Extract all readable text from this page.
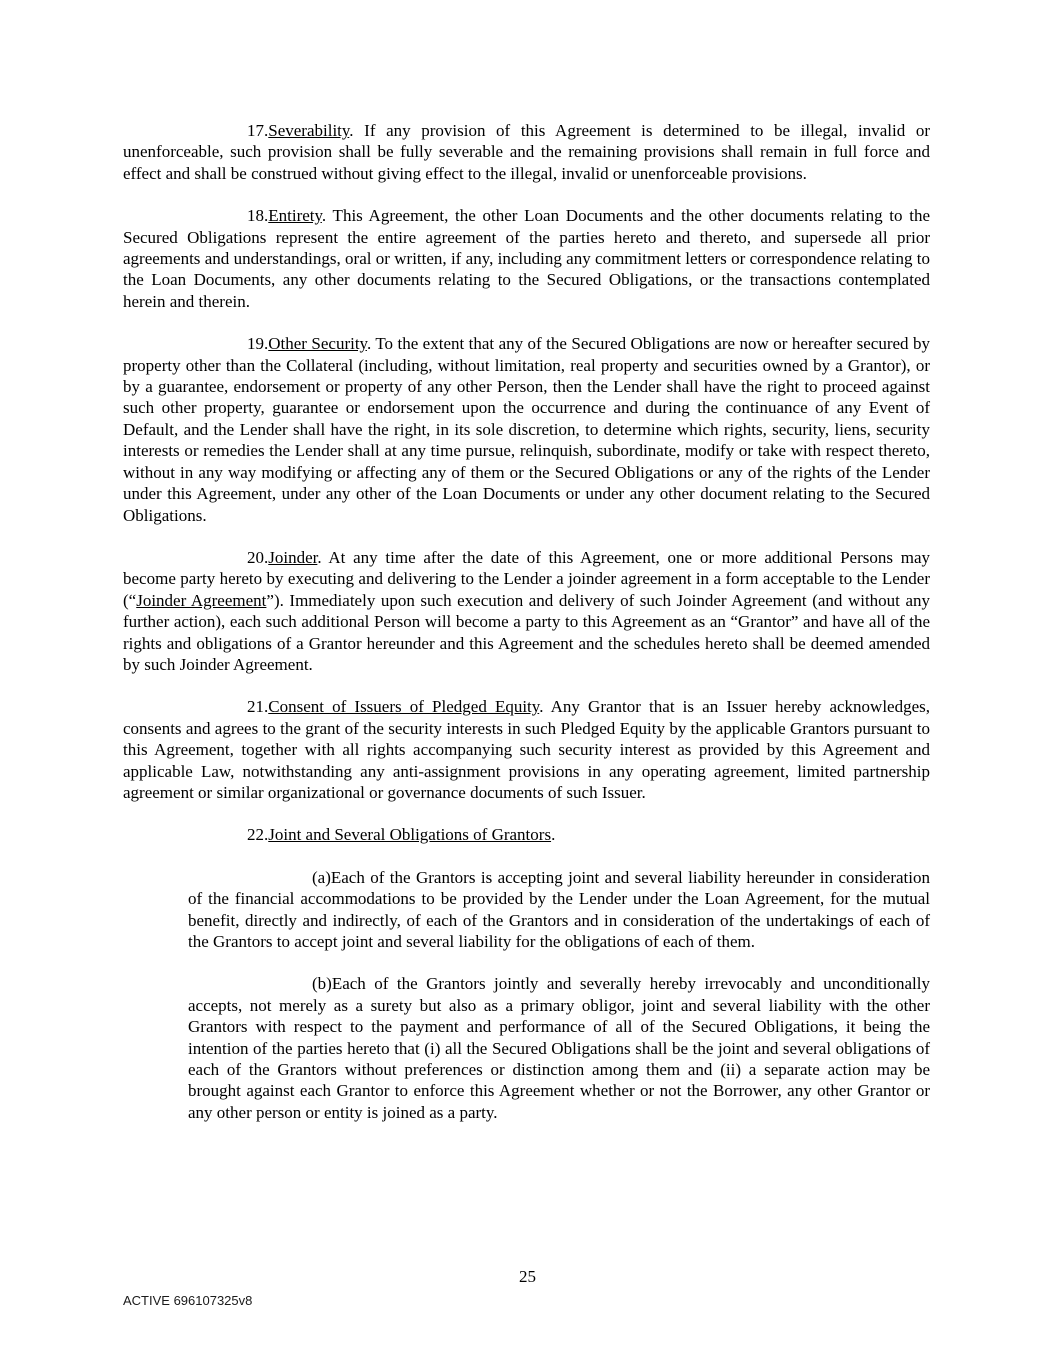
17.Severability. If any provision of this Agreement is determined to be illegal, invalid or unenforceable, such provision shall be fully severable and the remaining provisions shall remain in full force and effect and shall be construed without giving effect to the illegal, invalid or unenforceable provisions.

18.Entirety. This Agreement, the other Loan Documents and the other documents relating to the Secured Obligations represent the entire agreement of the parties hereto and thereto, and supersede all prior agreements and understandings, oral or written, if any, including any commitment letters or correspondence relating to the Loan Documents, any other documents relating to the Secured Obligations, or the transactions contemplated herein and therein.

19.Other Security. To the extent that any of the Secured Obligations are now or hereafter secured by property other than the Collateral (including, without limitation, real property and securities owned by a Grantor), or by a guarantee, endorsement or property of any other Person, then the Lender shall have the right to proceed against such other property, guarantee or endorsement upon the occurrence and during the continuance of any Event of Default, and the Lender shall have the right, in its sole discretion, to determine which rights, security, liens, security interests or remedies the Lender shall at any time pursue, relinquish, subordinate, modify or take with respect thereto, without in any way modifying or affecting any of them or the Secured Obligations or any of the rights of the Lender under this Agreement, under any other of the Loan Documents or under any other document relating to the Secured Obligations.

20.Joinder. At any time after the date of this Agreement, one or more additional Persons may become party hereto by executing and delivering to the Lender a joinder agreement in a form acceptable to the Lender (“Joinder Agreement”). Immediately upon such execution and delivery of such Joinder Agreement (and without any further action), each such additional Person will become a party to this Agreement as an “Grantor” and have all of the rights and obligations of a Grantor hereunder and this Agreement and the schedules hereto shall be deemed amended by such Joinder Agreement.

21.Consent of Issuers of Pledged Equity. Any Grantor that is an Issuer hereby acknowledges, consents and agrees to the grant of the security interests in such Pledged Equity by the applicable Grantors pursuant to this Agreement, together with all rights accompanying such security interest as provided by this Agreement and applicable Law, notwithstanding any anti-assignment provisions in any operating agreement, limited partnership agreement or similar organizational or governance documents of such Issuer.

22.Joint and Several Obligations of Grantors.

(a)Each of the Grantors is accepting joint and several liability hereunder in consideration of the financial accommodations to be provided by the Lender under the Loan Agreement, for the mutual benefit, directly and indirectly, of each of the Grantors and in consideration of the undertakings of each of the Grantors to accept joint and several liability for the obligations of each of them.

(b)Each of the Grantors jointly and severally hereby irrevocably and unconditionally accepts, not merely as a surety but also as a primary obligor, joint and several liability with the other Grantors with respect to the payment and performance of all of the Secured Obligations, it being the intention of the parties hereto that (i) all the Secured Obligations shall be the joint and several obligations of each of the Grantors without preferences or distinction among them and (ii) a separate action may be brought against each Grantor to enforce this Agreement whether or not the Borrower, any other Grantor or any other person or entity is joined as a party.

25
ACTIVE 696107325v8
